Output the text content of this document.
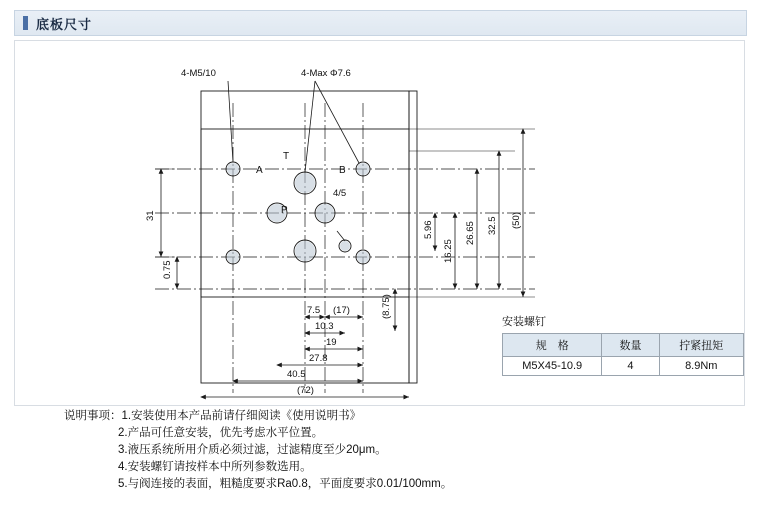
底板尺寸
4-M5/10	4-Max Φ7.6
T
A	B
P
4/5
31
0.75
7.5 (17)
10.3
19
27.8
40.5
(72)
(8.75)
5.96
16.25
26.65 32.5 (50)
安装螺钉
规　格	数量	拧紧扭矩
M5X45-10.9	4	8.9Nm
说明事项：1.安装使用本产品前请仔细阅读《使用说明书》
2.产品可任意安装，优先考虑水平位置。
3.液压系统所用介质必须过滤，过滤精度至少20μm。
4.安装螺钉请按样本中所列参数选用。
5.与阀连接的表面，粗糙度要求Ra0.8，平面度要求0.01/100mm。
